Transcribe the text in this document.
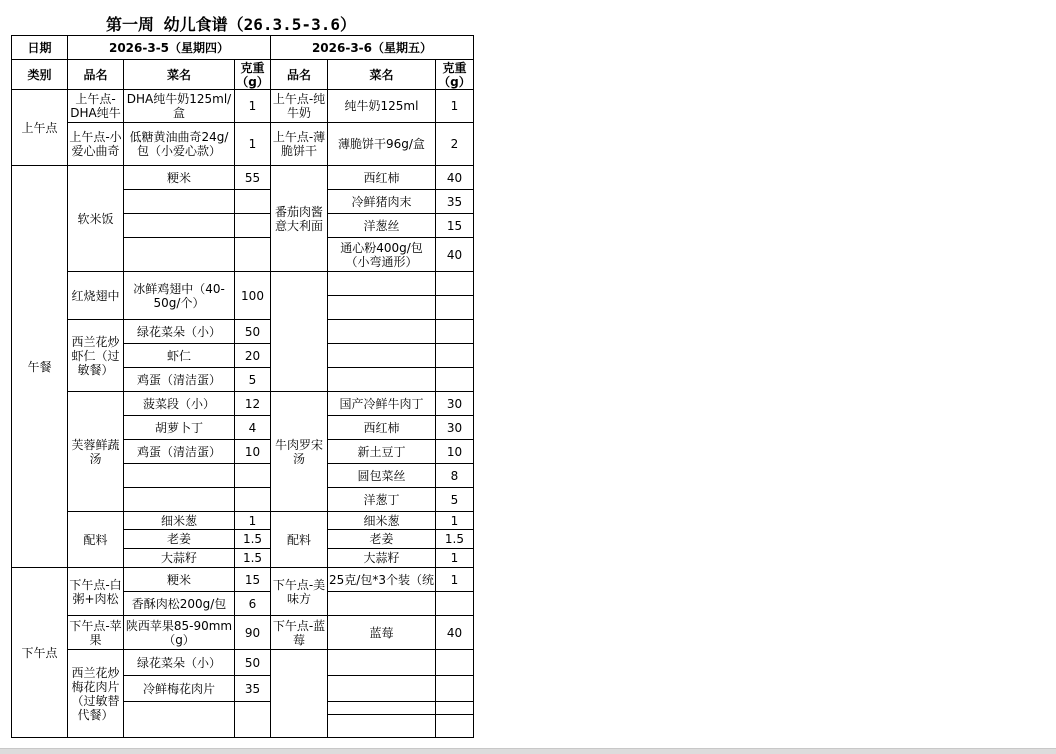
第一周 幼儿食谱（26.3.5-3.6）
日期	2026-3-5（星期四）			2026-3-6（星期五）		
类别	品名	菜名	克重（g）	品名	菜名	克重（g）
上午点	上午点-DHA纯牛	DHA纯牛奶125ml/盒	1	上午点-纯牛奶	纯牛奶125ml	1
	上午点-小爱心曲奇	低糖黄油曲奇24g/包（小爱心款）	1	上午点-薄脆饼干	薄脆饼干96g/盒	2
午餐	软米饭	粳米	55	番茄肉酱意大利面	西红柿	40
					冷鲜猪肉末	35
					洋葱丝	15
					通心粉400g/包（小弯通形）	40
	红烧翅中	冰鲜鸡翅中（40-50g/个）	100			

	西兰花炒虾仁（过敏餐）	绿花菜朵（小）	50			
		虾仁	20			
		鸡蛋（清洁蛋）	5			
	芙蓉鲜蔬汤	菠菜段（小）	12	牛肉罗宋汤	国产冷鲜牛肉丁	30
		胡萝卜丁	4		西红柿	30
		鸡蛋（清洁蛋）	10		新土豆丁	10
					圆包菜丝	8
					洋葱丁	5
	配料	细米葱	1	配料	细米葱	1
		老姜	1.5		老姜	1.5
		大蒜籽	1.5		大蒜籽	1
下午点	下午点-白粥+肉松	粳米	15	下午点-美味方	25克/包*3个装（统	1
		香酥肉松200g/包	6			
	下午点-苹果	陕西苹果85-90mm（g）	90	下午点-蓝莓	蓝莓	40
	西兰花炒梅花肉片（过敏替代餐）	绿花菜朵（小）	50			
		冷鲜梅花肉片	35			
